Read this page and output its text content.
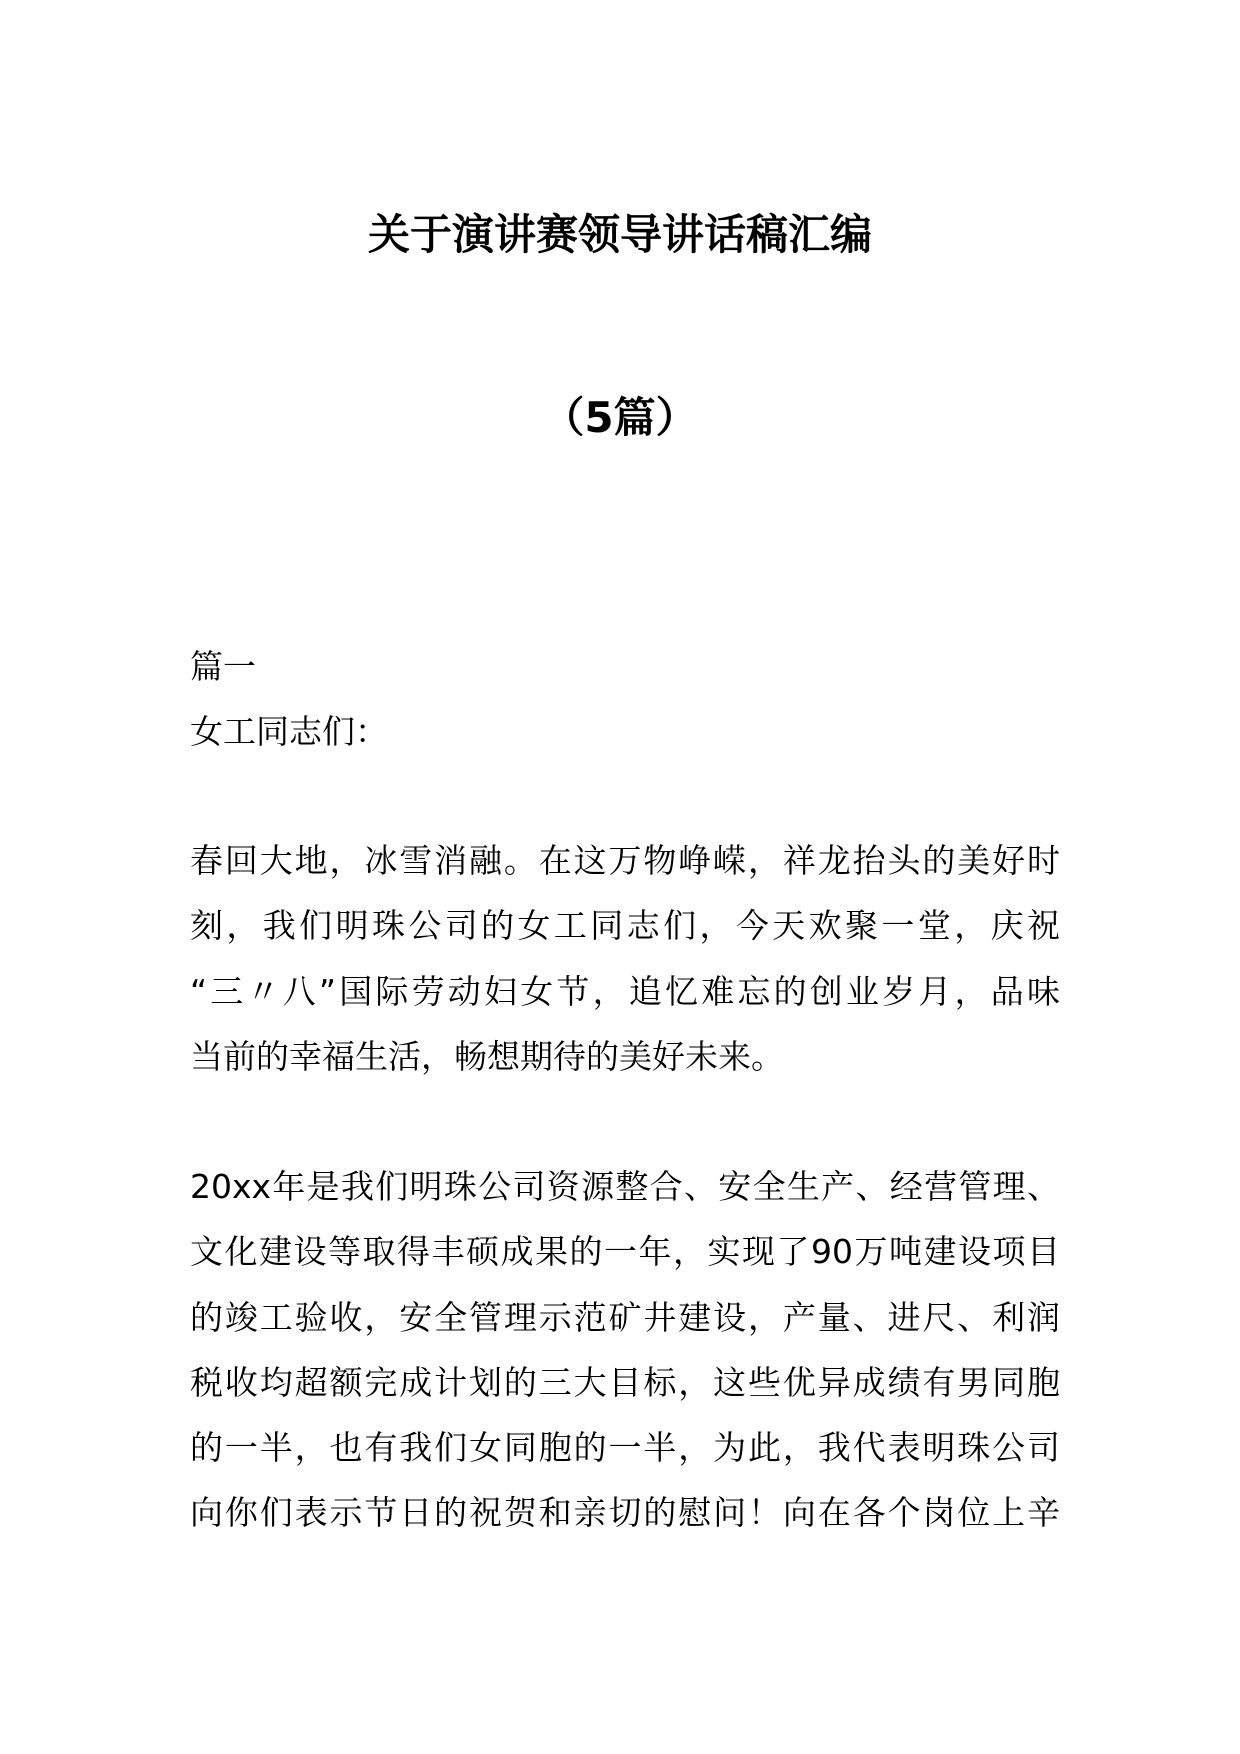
关于演讲赛领导讲话稿汇编
（5篇）

篇一

女工同志们：

春回大地，冰雪消融。在这万物峥嵘，祥龙抬头的美好时

刻，我们明珠公司的女工同志们，今天欢聚一堂，庆祝

“三〃八”国际劳动妇女节，追忆难忘的创业岁月，品味

当前的幸福生活，畅想期待的美好未来。

20xx年是我们明珠公司资源整合、安全生产、经营管理、

文化建设等取得丰硕成果的一年，实现了90万吨建设项目

的竣工验收，安全管理示范矿井建设，产量、进尺、利润

税收均超额完成计划的三大目标，这些优异成绩有男同胞

的一半，也有我们女同胞的一半，为此，我代表明珠公司

向你们表示节日的祝贺和亲切的慰问！向在各个岗位上辛
